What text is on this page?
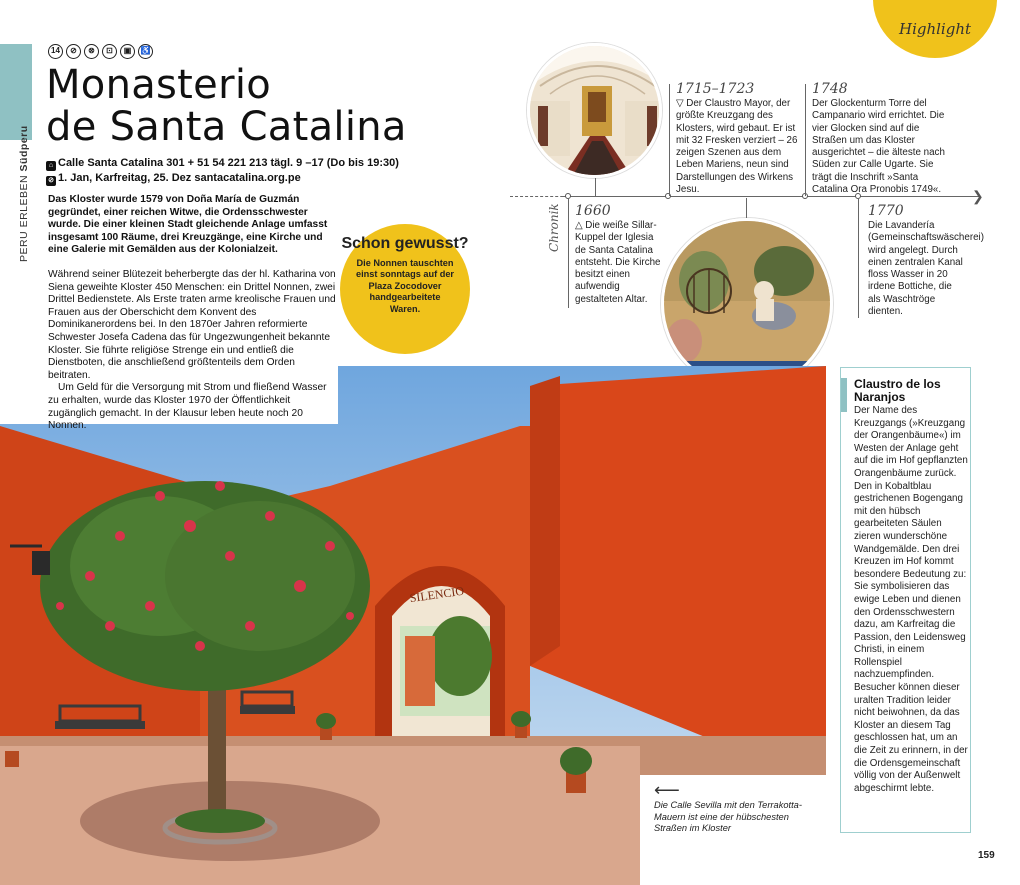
PERU ERLEBEN Südperu
14	⊘	⊗	⊡	▣	♿
Monasterio
de Santa Catalina
⌂ Calle Santa Catalina 301 + 51 54 221 213 tägl. 9 –17 (Do bis 19:30)
⊘ 1. Jan, Karfreitag, 25. Dez santacatalina.org.pe
Das Kloster wurde 1579 von Doña María de Guzmán gegründet, einer reichen Witwe, die Ordensschwester wurde. Die einer kleinen Stadt gleichende Anlage umfasst insgesamt 100 Räume, drei Kreuzgänge, eine Kirche und eine Galerie mit Gemälden aus der Kolonialzeit.

Während seiner Blütezeit beherbergte das der hl. Katharina von Siena geweihte Kloster 450 Menschen: ein Drittel Nonnen, zwei Drittel Bedienstete. Als Erste traten arme kreolische Frauen und Frauen aus der Oberschicht dem Konvent des Dominikanerordens bei. In den 1870er Jahren reformierte Schwester Josefa Cadena das für Ungezwungenheit bekannte Kloster. Sie führte religiöse Strenge ein und entließ die Dienstboten, die anschließend größtenteils dem Orden beitraten.

Um Geld für die Versorgung mit Strom und fließend Wasser zu erhalten, wurde das Kloster 1970 der Öffentlichkeit zugänglich gemacht. In der Klausur leben heute noch 20 Nonnen.

Schon gewusst?

Die Nonnen tauschten einst sonntags auf der Plaza Zocodover handgearbeitete Waren.

Highlight
❯
Chronik
1715–1723
▽ Der Claustro Mayor, der größte Kreuzgang des Klosters, wird gebaut. Er ist mit 32 Fresken verziert – 26 zeigen Szenen aus dem Leben Mariens, neun sind Darstellungen des Wirkens Jesu.
1748
Der Glockenturm Torre del Campanario wird errichtet. Die vier Glocken sind auf die Straßen um das Kloster ausgerichtet – die älteste nach Süden zur Calle Ugarte. Sie trägt die Inschrift »Santa Catalina Ora Pronobis 1749«.
1660
△ Die weiße Sillar-Kuppel der Iglesia de Santa Catalina entsteht. Die Kirche besitzt einen aufwendig gestalteten Altar.
1770
Die Lavandería (Gemeinschaftswäscherei) wird angelegt. Durch einen zentralen Kanal floss Wasser in 20 irdene Bottiche, die als Waschtröge dienten.
SILENCIO
⟵
Die Calle Sevilla mit den Terrakotta-Mauern ist eine der hübschesten Straßen im Kloster
Claustro de los Naranjos

Der Name des Kreuzgangs (»Kreuzgang der Orangenbäume«) im Westen der Anlage geht auf die im Hof gepflanzten Orangenbäume zurück. Den in Kobaltblau gestrichenen Bogengang mit den hübsch gearbeiteten Säulen zieren wunderschöne Wandgemälde. Den drei Kreuzen im Hof kommt besondere Bedeutung zu: Sie symbolisieren das ewige Leben und dienen den Ordensschwestern dazu, am Karfreitag die Passion, den Leidensweg Christi, in einem Rollenspiel nachzuempfinden. Besucher können dieser uralten Tradition leider nicht beiwohnen, da das Kloster an diesem Tag geschlossen hat, um an die Zeit zu erinnern, in der die Ordensgemeinschaft völlig von der Außenwelt abgeschirmt lebte.

159
